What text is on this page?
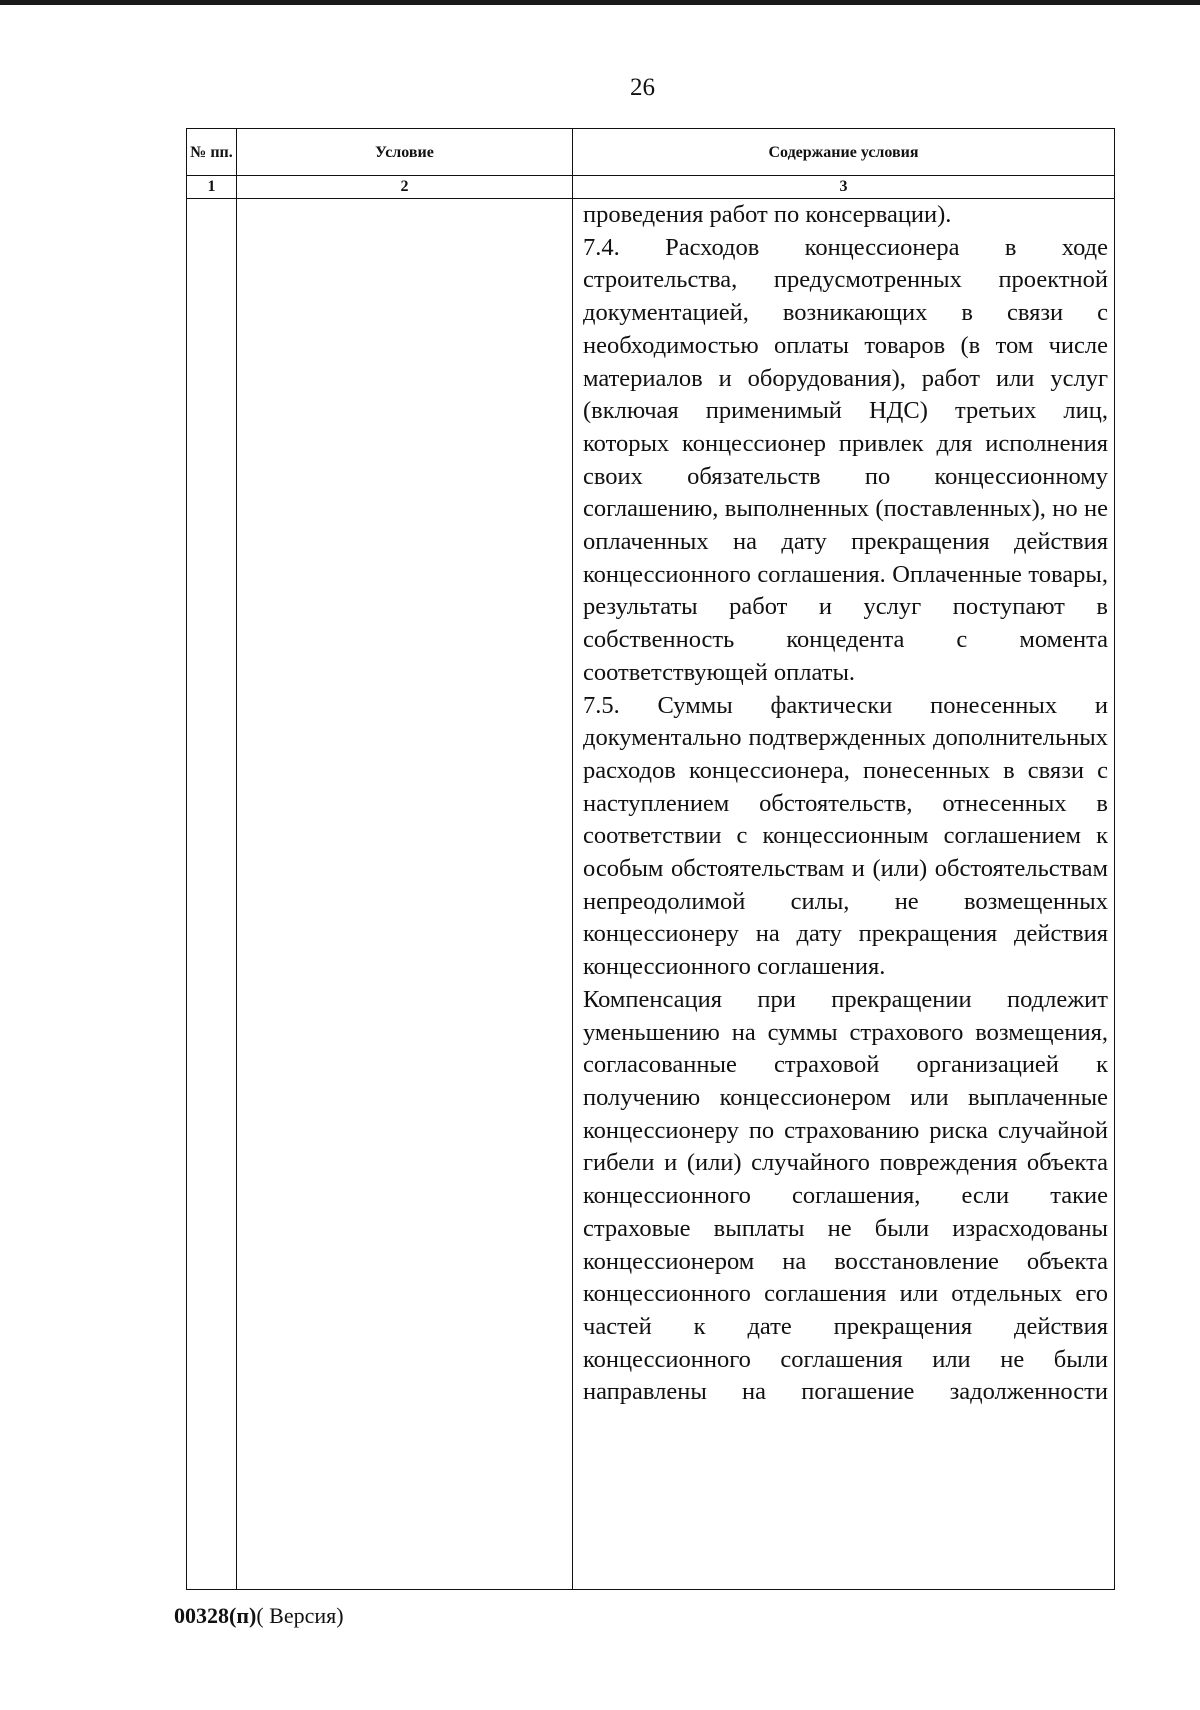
26
№ пп.	Условие	Содержание условия
1	2	3

		проведения работ по консервации).
7.4. Расходов концессионера в ходе строительства, предусмотренных проектной документацией, возникающих в связи с необходимостью оплаты товаров (в том числе материалов и оборудования), работ или услуг (включая применимый НДС) третьих лиц, которых концессионер привлек для исполнения своих обязательств по концессионному соглашению, выполненных (поставленных), но не оплаченных на дату прекращения действия концессионного соглашения. Оплаченные товары, результаты работ и услуг поступают в собственность концедента с момента соответствующей оплаты.
7.5. Суммы фактически понесенных и документально подтвержденных дополнительных расходов концессионера, понесенных в связи с наступлением обстоятельств, отнесенных в соответствии с концессионным соглашением к особым обстоятельствам и (или) обстоятельствам непреодолимой силы, не возмещенных концессионеру на дату прекращения действия концессионного соглашения.
Компенсация при прекращении подлежит уменьшению на суммы страхового возмещения, согласованные страховой организацией к получению концессионером или выплаченные концессионеру по страхованию риска случайной гибели и (или) случайного повреждения объекта концессионного соглашения, если такие страховые выплаты не были израсходованы концессионером на восстановление объекта концессионного соглашения или отдельных его частей к дате прекращения действия концессионного соглашения или не были направлены на погашение задолженности
00328(п)( Версия)
